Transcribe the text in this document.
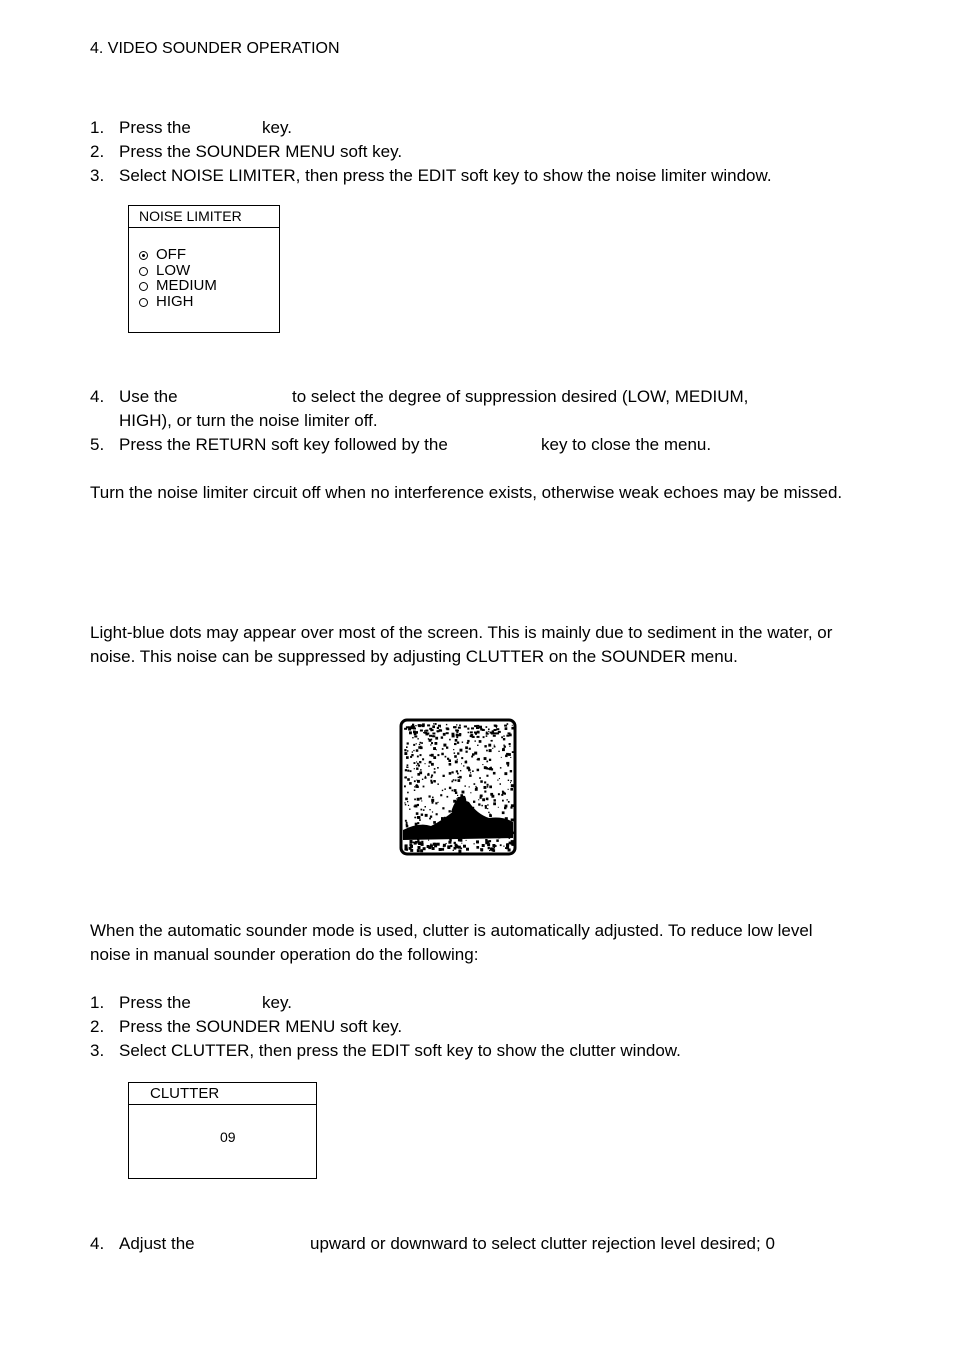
4. VIDEO SOUNDER OPERATION
1. Press the	key.
2. Press the SOUNDER MENU soft key.
3. Select NOISE LIMITER, then press the EDIT soft key to show the noise limiter window.
NOISE LIMITER
OFF
LOW
MEDIUM
HIGH
4. Use the	to select the degree of suppression desired (LOW, MEDIUM,
HIGH), or turn the noise limiter off.
5. Press the RETURN soft key followed by the	key to close the menu.
Turn the noise limiter circuit off when no interference exists, otherwise weak echoes may be missed.
Light-blue dots may appear over most of the screen. This is mainly due to sediment in the water, or noise. This noise can be suppressed by adjusting CLUTTER on the SOUNDER menu.
When the automatic sounder mode is used, clutter is automatically adjusted. To reduce low level noise in manual sounder operation do the following:
1. Press the	key.
2. Press the SOUNDER MENU soft key.
3. Select CLUTTER, then press the EDIT soft key to show the clutter window.
CLUTTER
09
4. Adjust the	upward or downward to select clutter rejection level desired; 0
